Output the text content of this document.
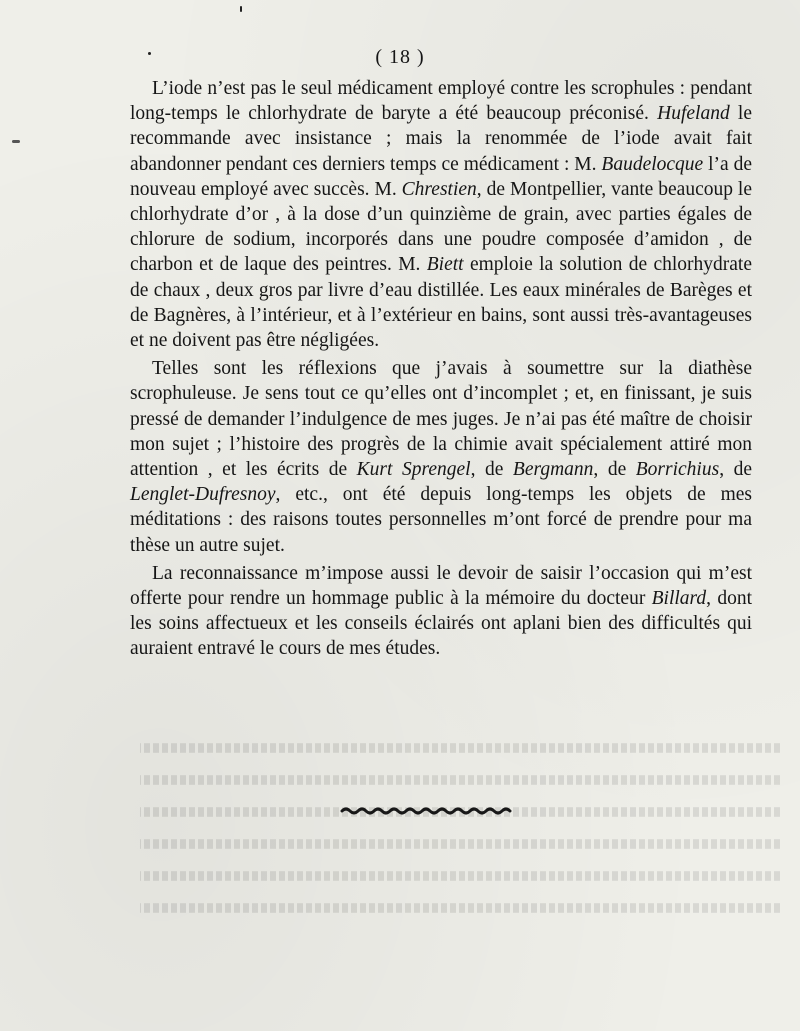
( 18 )

L’iode n’est pas le seul médicament employé contre les scrophules : pendant long-temps le chlorhydrate de baryte a été beaucoup préconisé. Hufeland le recommande avec insistance ; mais la renommée de l’iode avait fait abandonner pendant ces derniers temps ce médicament : M. Baudelocque l’a de nouveau employé avec succès. M. Chrestien, de Montpellier, vante beaucoup le chlorhydrate d’or , à la dose d’un quinzième de grain, avec parties égales de chlorure de sodium, incorporés dans une poudre composée d’amidon , de charbon et de laque des peintres. M. Biett emploie la solution de chlorhydrate de chaux , deux gros par livre d’eau distillée. Les eaux minérales de Barèges et de Bagnères, à l’intérieur, et à l’extérieur en bains, sont aussi très-avantageuses et ne doivent pas être négligées.

Telles sont les réflexions que j’avais à soumettre sur la diathèse scrophuleuse. Je sens tout ce qu’elles ont d’incomplet ; et, en finissant, je suis pressé de demander l’indulgence de mes juges. Je n’ai pas été maître de choisir mon sujet ; l’histoire des progrès de la chimie avait spécialement attiré mon attention , et les écrits de Kurt Sprengel, de Bergmann, de Borrichius, de Lenglet-Dufresnoy, etc., ont été depuis long-temps les objets de mes méditations : des raisons toutes personnelles m’ont forcé de prendre pour ma thèse un autre sujet.

La reconnaissance m’impose aussi le devoir de saisir l’occasion qui m’est offerte pour rendre un hommage public à la mémoire du docteur Billard, dont les soins affectueux et les conseils éclairés ont aplani bien des difficultés qui auraient entravé le cours de mes études.
